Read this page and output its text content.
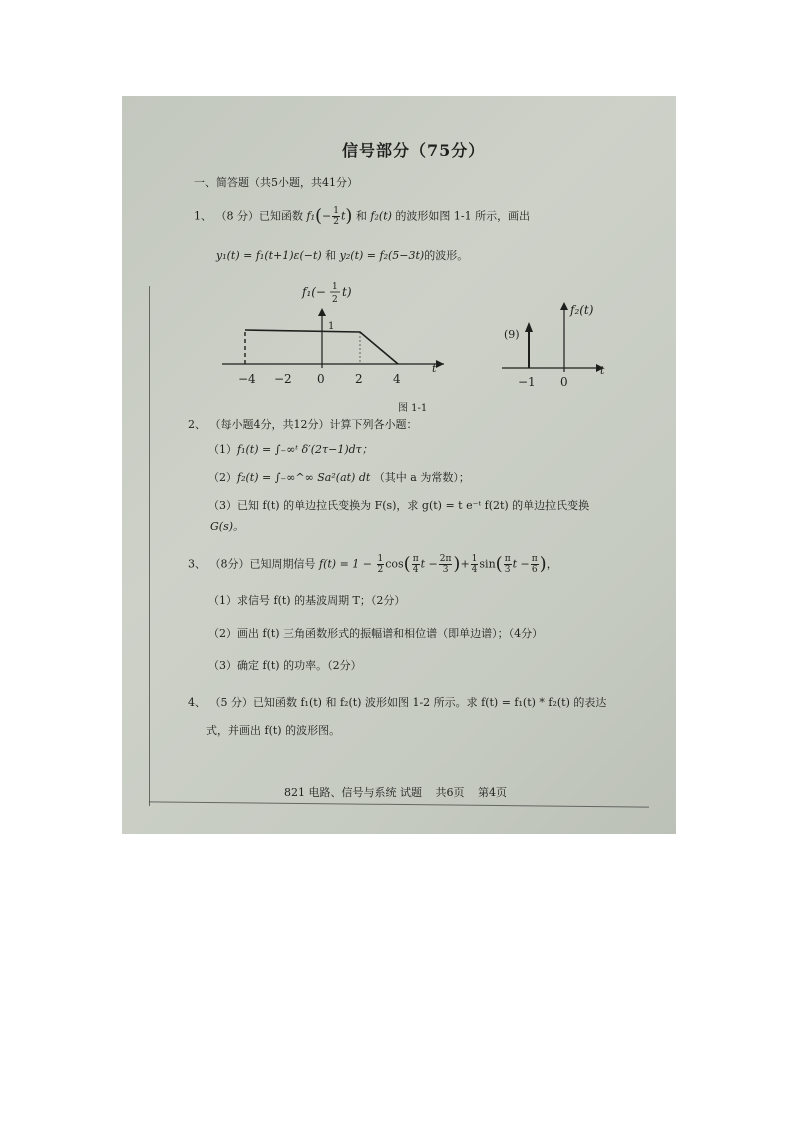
信号部分（75分）
一、简答题（共5小题，共41分）
1、 （8 分）已知函数 $f_1(- \frac{1}{2} t)$ 和 f₂(t) 的波形如图 1-1 所示，画出
y₁(t) = f₁(t+1)ε(−t) 和 y₂(t) = f₂(5−3t)的波形。
f₁(− 1
2
t)
1
t
−4 −2 0	2	4
f₂(t)
(9)
t
−1 0
图 1-1
2、 （每小题4分，共12分）计算下列各小题：
（1）f₁(t) = ∫₋∞ᵗ δ′(2τ−1)dτ；
（2）f₂(t) = ∫₋∞^∞ Sa²(at) dt （其中 a 为常数）；
（3）已知 f(t) 的单边拉氏变换为 F(s)，求 g(t) = t e⁻ᵗ f(2t) 的单边拉氏变换
G(s)。
3、 （8分）已知周期信号 $f(t) = 1 - \frac{1}{2} \cos( \frac{\pi}{4}$ $t - \frac{2\pi}{3}$ )+ $\frac{1}{4} \sin( \frac{\pi}{3}$ $t - \frac{\pi}{6}$ )，
（1）求信号 f(t) 的基波周期 T；（2分）
（2）画出 f(t) 三角函数形式的振幅谱和相位谱（即单边谱）；（4分）
（3）确定 f(t) 的功率。（2分）
4、 （5 分）已知函数 f₁(t) 和 f₂(t) 波形如图 1-2 所示。求 f(t) = f₁(t) * f₂(t) 的表达
式，并画出 f(t) 的波形图。
821 电路、信号与系统 试题 共6页 第4页
